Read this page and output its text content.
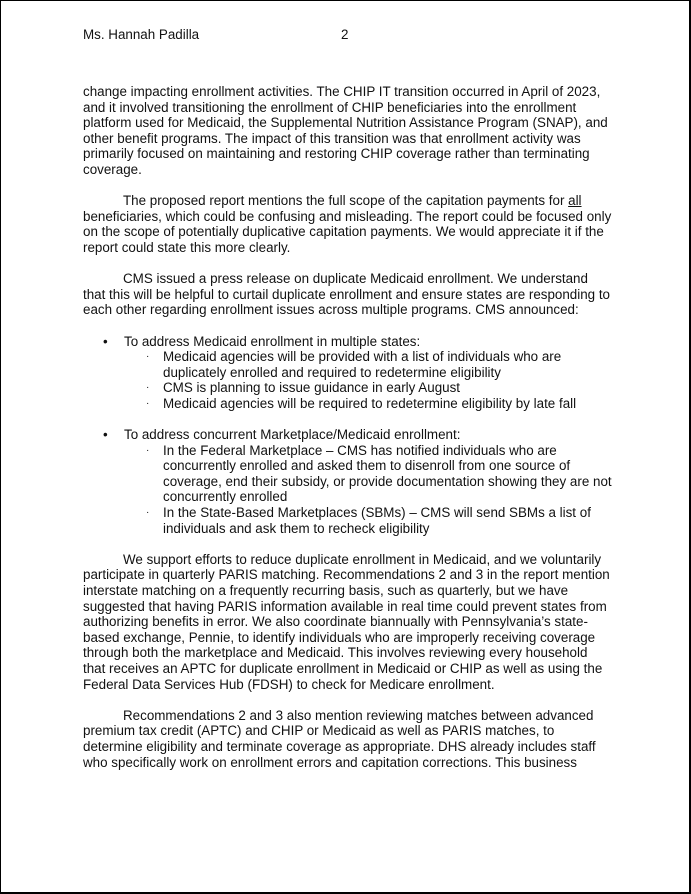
Ms. Hannah Padilla	2

change impacting enrollment activities. The CHIP IT transition occurred in April of 2023, and it involved transitioning the enrollment of CHIP beneficiaries into the enrollment platform used for Medicaid, the Supplemental Nutrition Assistance Program (SNAP), and other benefit programs. The impact of this transition was that enrollment activity was primarily focused on maintaining and restoring CHIP coverage rather than terminating coverage.

The proposed report mentions the full scope of the capitation payments for all beneficiaries, which could be confusing and misleading. The report could be focused only on the scope of potentially duplicative capitation payments. We would appreciate it if the report could state this more clearly.

CMS issued a press release on duplicate Medicaid enrollment. We understand that this will be helpful to curtail duplicate enrollment and ensure states are responding to each other regarding enrollment issues across multiple programs. CMS announced:

• To address Medicaid enrollment in multiple states:
· Medicaid agencies will be provided with a list of individuals who are duplicately enrolled and required to redetermine eligibility
· CMS is planning to issue guidance in early August
· Medicaid agencies will be required to redetermine eligibility by late fall
• To address concurrent Marketplace/Medicaid enrollment:
· In the Federal Marketplace – CMS has notified individuals who are concurrently enrolled and asked them to disenroll from one source of coverage, end their subsidy, or provide documentation showing they are not concurrently enrolled
· In the State-Based Marketplaces (SBMs) – CMS will send SBMs a list of individuals and ask them to recheck eligibility

We support efforts to reduce duplicate enrollment in Medicaid, and we voluntarily participate in quarterly PARIS matching. Recommendations 2 and 3 in the report mention interstate matching on a frequently recurring basis, such as quarterly, but we have suggested that having PARIS information available in real time could prevent states from authorizing benefits in error. We also coordinate biannually with Pennsylvania’s state-based exchange, Pennie, to identify individuals who are improperly receiving coverage through both the marketplace and Medicaid. This involves reviewing every household that receives an APTC for duplicate enrollment in Medicaid or CHIP as well as using the Federal Data Services Hub (FDSH) to check for Medicare enrollment.

Recommendations 2 and 3 also mention reviewing matches between advanced premium tax credit (APTC) and CHIP or Medicaid as well as PARIS matches, to determine eligibility and terminate coverage as appropriate. DHS already includes staff who specifically work on enrollment errors and capitation corrections. This business
